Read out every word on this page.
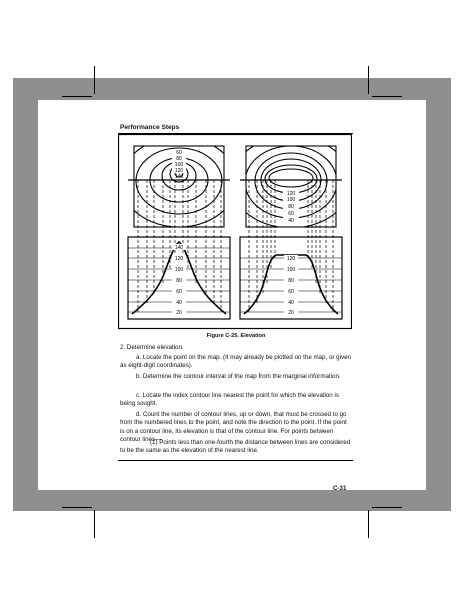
Performance Steps
60
80
100
120
140
120
100
80
60
40
140
120
100
80
60
40
20
120
100
80
60
40
20
Figure C-25. Elevation
2. Determine elevation.
a. Locate the point on the map. (It may already be plotted on the map, or given as eight-digit coordinates).
b. Determine the contour interval of the map from the marginal information.
c. Locate the index contour line nearest the point for which the elevation is being sought.
d. Count the number of contour lines, up or down, that must be crossed to go from the numbered lines to the point, and note the direction to the point. If the point is on a contour line, its elevation is that of the contour line. For points between contour lines—
(1) Points less than one-fourth the distance between lines are considered to be the same as the elevation of the nearest line.
C-31
